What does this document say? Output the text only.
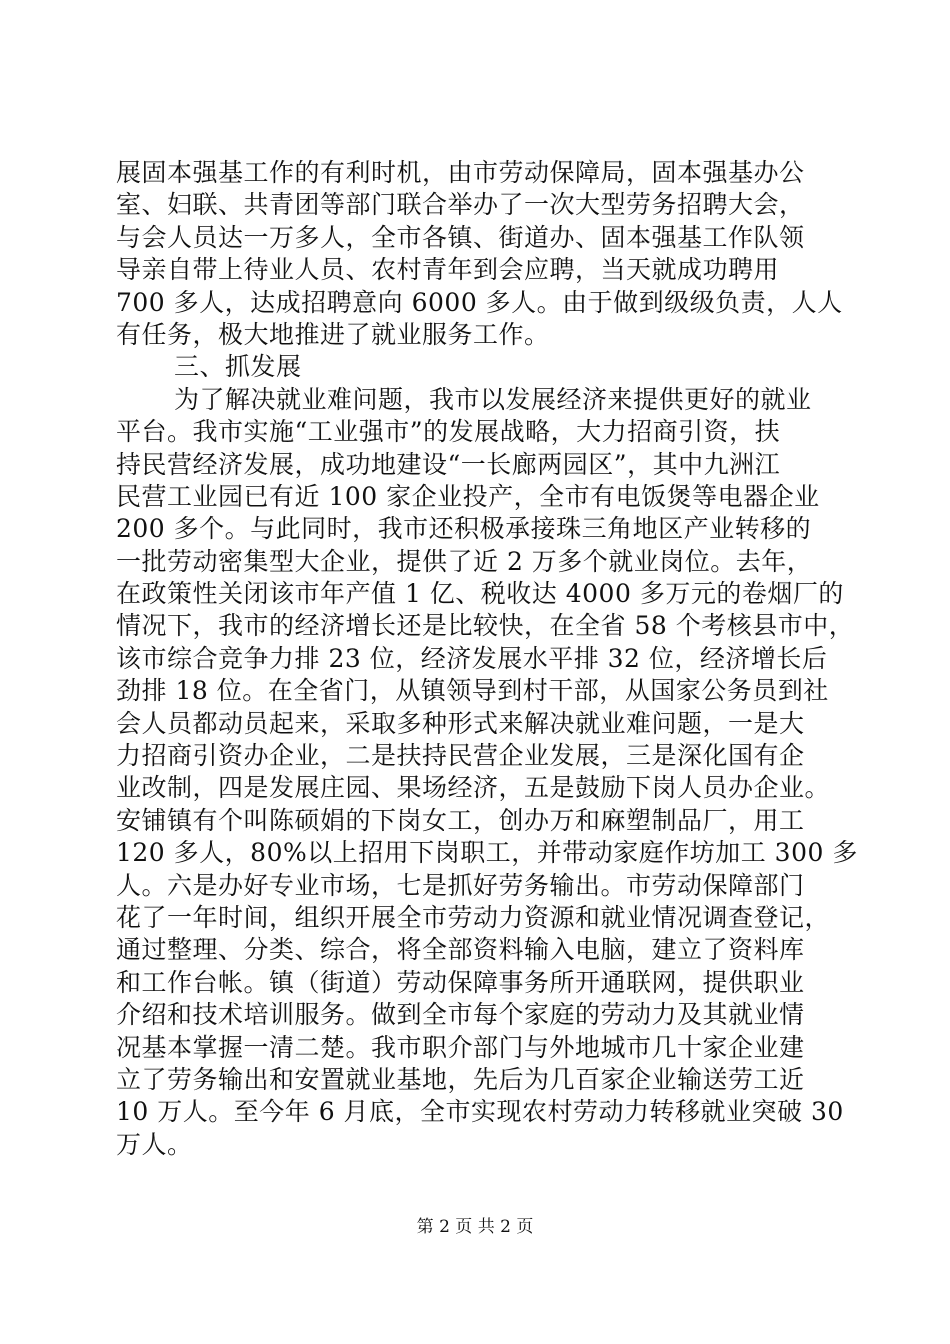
展固本强基工作的有利时机，由市劳动保障局，固本强基办公
室、妇联、共青团等部门联合举办了一次大型劳务招聘大会，
与会人员达一万多人，全市各镇、街道办、固本强基工作队领
导亲自带上待业人员、农村青年到会应聘，当天就成功聘用
700 多人，达成招聘意向 6000 多人。由于做到级级负责，人人
有任务，极大地推进了就业服务工作。
三、抓发展
为了解决就业难问题，我市以发展经济来提供更好的就业
平台。我市实施“工业强市”的发展战略，大力招商引资，扶
持民营经济发展，成功地建设“一长廊两园区”，其中九洲江
民营工业园已有近 100 家企业投产，全市有电饭煲等电器企业
200 多个。与此同时，我市还积极承接珠三角地区产业转移的
一批劳动密集型大企业，提供了近 2 万多个就业岗位。去年，
在政策性关闭该市年产值 1 亿、税收达 4000 多万元的卷烟厂的
情况下，我市的经济增长还是比较快，在全省 58 个考核县市中，
该市综合竞争力排 23 位，经济发展水平排 32 位，经济增长后
劲排 18 位。在全省门，从镇领导到村干部，从国家公务员到社
会人员都动员起来，采取多种形式来解决就业难问题，一是大
力招商引资办企业，二是扶持民营企业发展，三是深化国有企
业改制，四是发展庄园、果场经济，五是鼓励下岗人员办企业。
安铺镇有个叫陈硕娟的下岗女工，创办万和麻塑制品厂，用工
120 多人，80%以上招用下岗职工，并带动家庭作坊加工 300 多
人。六是办好专业市场，七是抓好劳务输出。市劳动保障部门
花了一年时间，组织开展全市劳动力资源和就业情况调查登记，
通过整理、分类、综合，将全部资料输入电脑，建立了资料库
和工作台帐。镇（街道）劳动保障事务所开通联网，提供职业
介绍和技术培训服务。做到全市每个家庭的劳动力及其就业情
况基本掌握一清二楚。我市职介部门与外地城市几十家企业建
立了劳务输出和安置就业基地，先后为几百家企业输送劳工近
10 万人。至今年 6 月底，全市实现农村劳动力转移就业突破 30
万人。
第 2 页 共 2 页
